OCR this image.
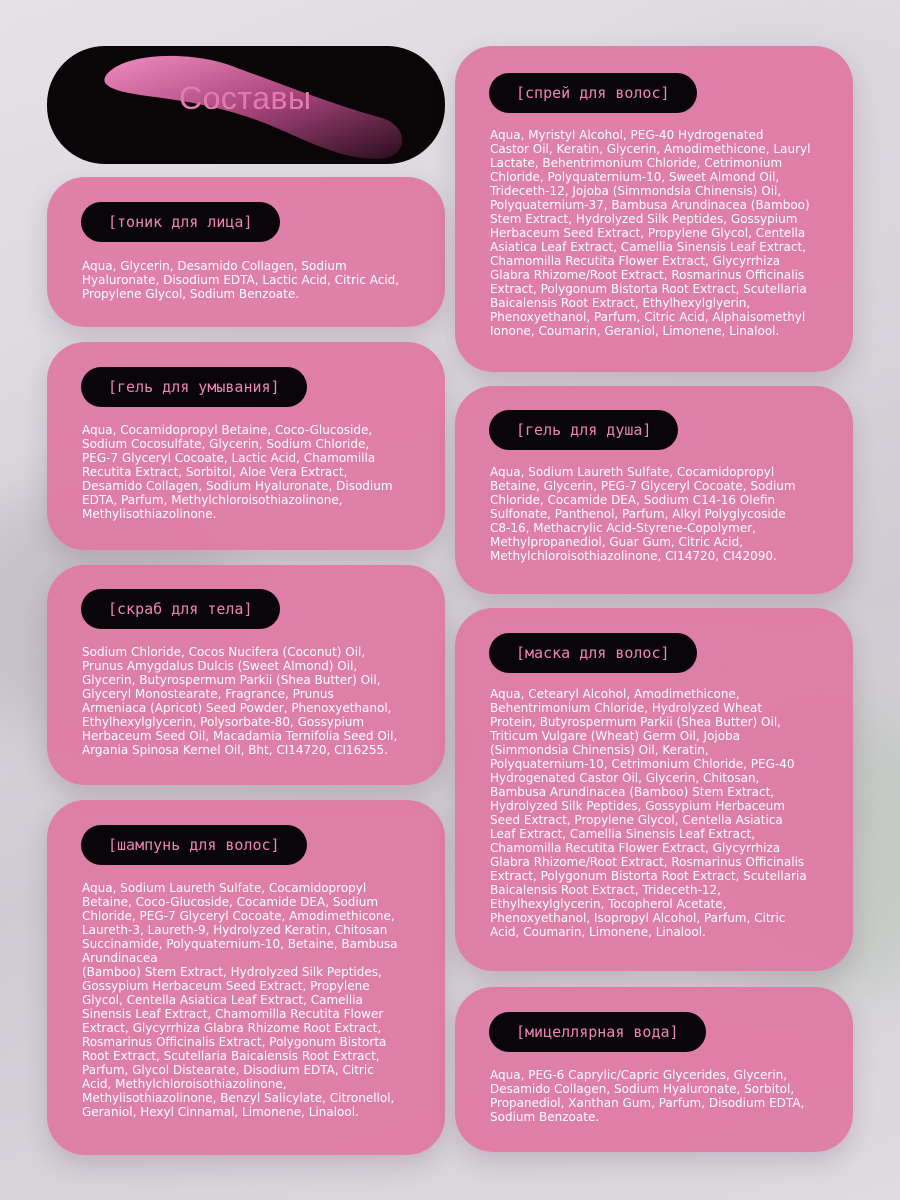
Составы
[тоник для лица]

Aqua, Glycerin, Desamido Collagen, Sodium
Hyaluronate, Disodium EDTA, Lactic Acid, Citric Acid,
Propylene Glycol, Sodium Benzoate.

[гель для умывания]

Aqua, Cocamidopropyl Betaine, Coco-Glucoside,
Sodium Cocosulfate, Glycerin, Sodium Chloride,
PEG-7 Glyceryl Cocoate, Lactic Acid, Chamomilla
Recutita Extract, Sorbitol, Aloe Vera Extract,
Desamido Collagen, Sodium Hyaluronate, Disodium
EDTA, Parfum, Methylchloroisothiazolinone,
Methylisothiazolinone.

[скраб для тела]

Sodium Chloride, Cocos Nucifera (Coconut) Oil,
Prunus Amygdalus Dulcis (Sweet Almond) Oil,
Glycerin, Butyrospermum Parkii (Shea Butter) Oil,
Glyceryl Monostearate, Fragrance, Prunus
Armeniaca (Apricot) Seed Powder, Phenoxyethanol,
Ethylhexylglycerin, Polysorbate-80, Gossypium
Herbaceum Seed Oil, Macadamia Ternifolia Seed Oil,
Argania Spinosa Kernel Oil, Bht, CI14720, CI16255.

[шампунь для волос]

Aqua, Sodium Laureth Sulfate, Cocamidopropyl
Betaine, Coco-Glucoside, Cocamide DEA, Sodium
Chloride, PEG-7 Glyceryl Cocoate, Amodimethicone,
Laureth-3, Laureth-9, Hydrolyzed Keratin, Chitosan
Succinamide, Polyquaternium-10, Betaine, Bambusa
Arundinacea
(Bamboo) Stem Extract, Hydrolyzed Silk Peptides,
Gossypium Herbaceum Seed Extract, Propylene
Glycol, Centella Asiatica Leaf Extract, Camellia
Sinensis Leaf Extract, Chamomilla Recutita Flower
Extract, Glycyrrhiza Glabra Rhizome Root Extract,
Rosmarinus Officinalis Extract, Polygonum Bistorta
Root Extract, Scutellaria Baicalensis Root Extract,
Parfum, Glycol Distearate, Disodium EDTA, Citric
Acid, Methylchloroisothiazolinone,
Methylisothiazolinone, Benzyl Salicylate, Citronellol,
Geraniol, Hexyl Cinnamal, Limonene, Linalool.

[спрей для волос]

Aqua, Myristyl Alcohol, PEG-40 Hydrogenated
Castor Oil, Keratin, Glycerin, Amodimethicone, Lauryl
Lactate, Behentrimonium Chloride, Cetrimonium
Chloride, Polyquaternium-10, Sweet Almond Oil,
Trideceth-12, Jojoba (Simmondsia Chinensis) Oil,
Polyquaternium-37, Bambusa Arundinacea (Bamboo)
Stem Extract, Hydrolyzed Silk Peptides, Gossypium
Herbaceum Seed Extract, Propylene Glycol, Centella
Asiatica Leaf Extract, Camellia Sinensis Leaf Extract,
Chamomilla Recutita Flower Extract, Glycyrrhiza
Glabra Rhizome/Root Extract, Rosmarinus Officinalis
Extract, Polygonum Bistorta Root Extract, Scutellaria
Baicalensis Root Extract, Ethylhexylglyerin,
Phenoxyethanol, Parfum, Citric Acid, Alphaisomethyl
Ionone, Coumarin, Geraniol, Limonene, Linalool.

[гель для душа]

Aqua, Sodium Laureth Sulfate, Cocamidopropyl
Betaine, Glycerin, PEG-7 Glyceryl Cocoate, Sodium
Chloride, Cocamide DEA, Sodium C14-16 Olefin
Sulfonate, Panthenol, Parfum, Alkyl Polyglycoside
C8-16, Methacrylic Acid-Styrene-Copolymer,
Methylpropanediol, Guar Gum, Citric Acid,
Methylchloroisothiazolinone, CI14720, CI42090.

[маска для волос]

Aqua, Cetearyl Alcohol, Amodimethicone,
Behentrimonium Chloride, Hydrolyzed Wheat
Protein, Butyrospermum Parkii (Shea Butter) Oil,
Triticum Vulgare (Wheat) Germ Oil, Jojoba
(Simmondsia Chinensis) Oil, Keratin,
Polyquaternium-10, Cetrimonium Chloride, PEG-40
Hydrogenated Castor Oil, Glycerin, Chitosan,
Bambusa Arundinacea (Bamboo) Stem Extract,
Hydrolyzed Silk Peptides, Gossypium Herbaceum
Seed Extract, Propylene Glycol, Centella Asiatica
Leaf Extract, Camellia Sinensis Leaf Extract,
Chamomilla Recutita Flower Extract, Glycyrrhiza
Glabra Rhizome/Root Extract, Rosmarinus Officinalis
Extract, Polygonum Bistorta Root Extract, Scutellaria
Baicalensis Root Extract, Trideceth-12,
Ethylhexylglycerin, Tocopherol Acetate,
Phenoxyethanol, Isopropyl Alcohol, Parfum, Citric
Acid, Coumarin, Limonene, Linalool.

[мицеллярная вода]

Aqua, PEG-6 Caprylic/Capric Glycerides, Glycerin,
Desamido Collagen, Sodium Hyaluronate, Sorbitol,
Propanediol, Xanthan Gum, Parfum, Disodium EDTA,
Sodium Benzoate.
